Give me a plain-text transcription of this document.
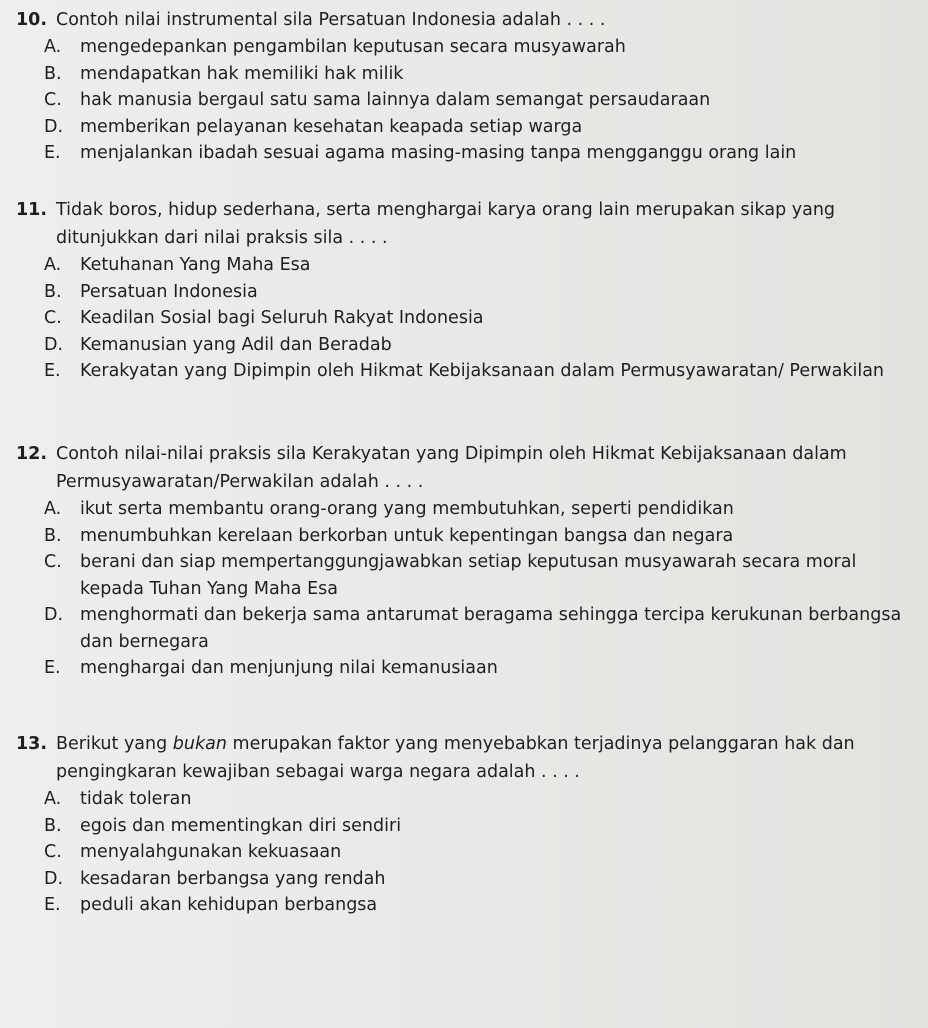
10. Contoh nilai instrumental sila Persatuan Indonesia adalah . . . .
A. mengedepankan pengambilan keputusan secara musyawarah
B. mendapatkan hak memiliki hak milik
C. hak manusia bergaul satu sama lainnya dalam semangat persaudaraan
D. memberikan pelayanan kesehatan keapada setiap warga
E. menjalankan ibadah sesuai agama masing-masing tanpa mengganggu orang lain
11. Tidak boros, hidup sederhana, serta menghargai karya orang lain merupakan sikap yang ditunjukkan dari nilai praksis sila . . . .
A. Ketuhanan Yang Maha Esa
B. Persatuan Indonesia
C. Keadilan Sosial bagi Seluruh Rakyat Indonesia
D. Kemanusian yang Adil dan Beradab
E. Kerakyatan yang Dipimpin oleh Hikmat Kebijaksanaan dalam Permusyawaratan/ Perwakilan
12. Contoh nilai-nilai praksis sila Kerakyatan yang Dipimpin oleh Hikmat Kebijaksanaan dalam Permusyawaratan/Perwakilan adalah . . . .
A. ikut serta membantu orang-orang yang membutuhkan, seperti pendidikan
B. menumbuhkan kerelaan berkorban untuk kepentingan bangsa dan negara
C. berani dan siap mempertanggungjawabkan setiap keputusan musyawarah secara moral kepada Tuhan Yang Maha Esa
D. menghormati dan bekerja sama antarumat beragama sehingga tercipa kerukunan berbangsa dan bernegara
E. menghargai dan menjunjung nilai kemanusiaan
13. Berikut yang bukan merupakan faktor yang menyebabkan terjadinya pelanggaran hak dan pengingkaran kewajiban sebagai warga negara adalah . . . .
A. tidak toleran
B. egois dan mementingkan diri sendiri
C. menyalahgunakan kekuasaan
D. kesadaran berbangsa yang rendah
E. peduli akan kehidupan berbangsa
